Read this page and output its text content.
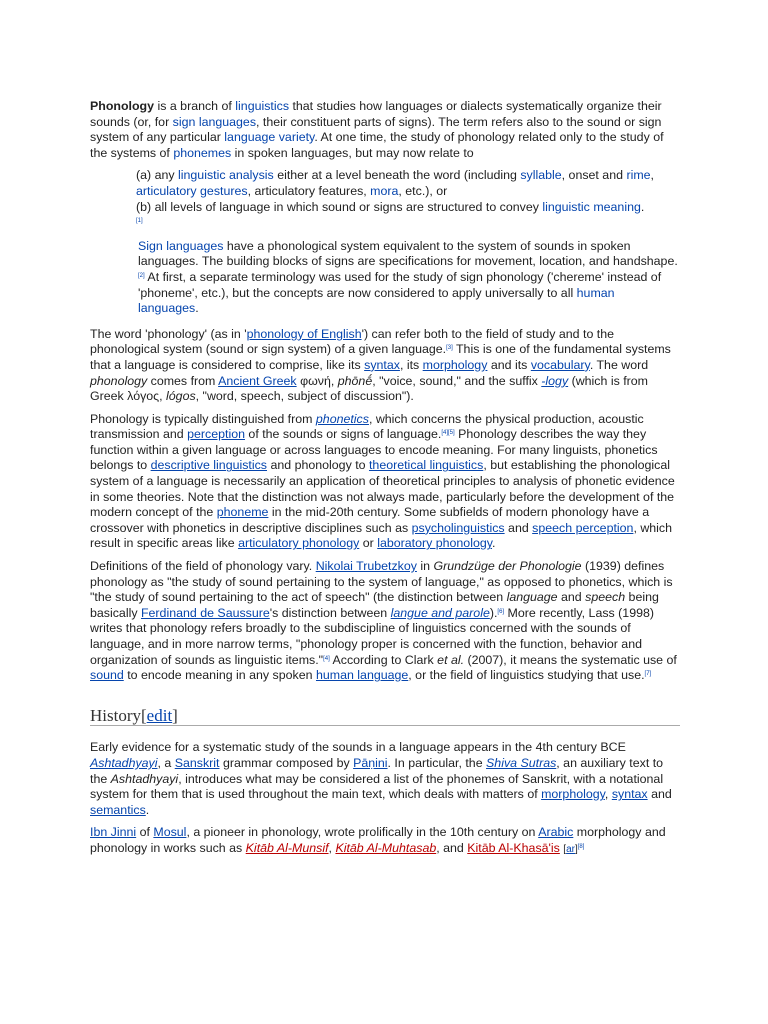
Phonology is a branch of linguistics that studies how languages or dialects systematically organize their sounds (or, for sign languages, their constituent parts of signs). The term refers also to the sound or sign system of any particular language variety. At one time, the study of phonology related only to the study of the systems of phonemes in spoken languages, but may now relate to

(a) any linguistic analysis either at a level beneath the word (including syllable, onset and rime, articulatory gestures, articulatory features, mora, etc.), or
(b) all levels of language in which sound or signs are structured to convey linguistic meaning.
[1]
Sign languages have a phonological system equivalent to the system of sounds in spoken languages. The building blocks of signs are specifications for movement, location, and handshape.[2] At first, a separate terminology was used for the study of sign phonology ('chereme' instead of 'phoneme', etc.), but the concepts are now considered to apply universally to all human languages.

The word 'phonology' (as in 'phonology of English') can refer both to the field of study and to the phonological system (sound or sign system) of a given language.[3] This is one of the fundamental systems that a language is considered to comprise, like its syntax, its morphology and its vocabulary. The word phonology comes from Ancient Greek φωνή, phōnḗ, "voice, sound," and the suffix -logy (which is from Greek λόγος, lógos, "word, speech, subject of discussion").

Phonology is typically distinguished from phonetics, which concerns the physical production, acoustic transmission and perception of the sounds or signs of language.[4][5] Phonology describes the way they function within a given language or across languages to encode meaning. For many linguists, phonetics belongs to descriptive linguistics and phonology to theoretical linguistics, but establishing the phonological system of a language is necessarily an application of theoretical principles to analysis of phonetic evidence in some theories. Note that the distinction was not always made, particularly before the development of the modern concept of the phoneme in the mid-20th century. Some subfields of modern phonology have a crossover with phonetics in descriptive disciplines such as psycholinguistics and speech perception, which result in specific areas like articulatory phonology or laboratory phonology.

Definitions of the field of phonology vary. Nikolai Trubetzkoy in Grundzüge der Phonologie (1939) defines phonology as "the study of sound pertaining to the system of language," as opposed to phonetics, which is "the study of sound pertaining to the act of speech" (the distinction between language and speech being basically Ferdinand de Saussure's distinction between langue and parole).[6] More recently, Lass (1998) writes that phonology refers broadly to the subdiscipline of linguistics concerned with the sounds of language, and in more narrow terms, "phonology proper is concerned with the function, behavior and organization of sounds as linguistic items."[4] According to Clark et al. (2007), it means the systematic use of sound to encode meaning in any spoken human language, or the field of linguistics studying that use.[7]

History[edit]

Early evidence for a systematic study of the sounds in a language appears in the 4th century BCE Ashtadhyayi, a Sanskrit grammar composed by Pāṇini. In particular, the Shiva Sutras, an auxiliary text to the Ashtadhyayi, introduces what may be considered a list of the phonemes of Sanskrit, with a notational system for them that is used throughout the main text, which deals with matters of morphology, syntax and semantics.

Ibn Jinni of Mosul, a pioneer in phonology, wrote prolifically in the 10th century on Arabic morphology and phonology in works such as Kitāb Al-Munsif, Kitāb Al-Muhtasab, and Kitāb Al-Khasā'is [ar][8]
